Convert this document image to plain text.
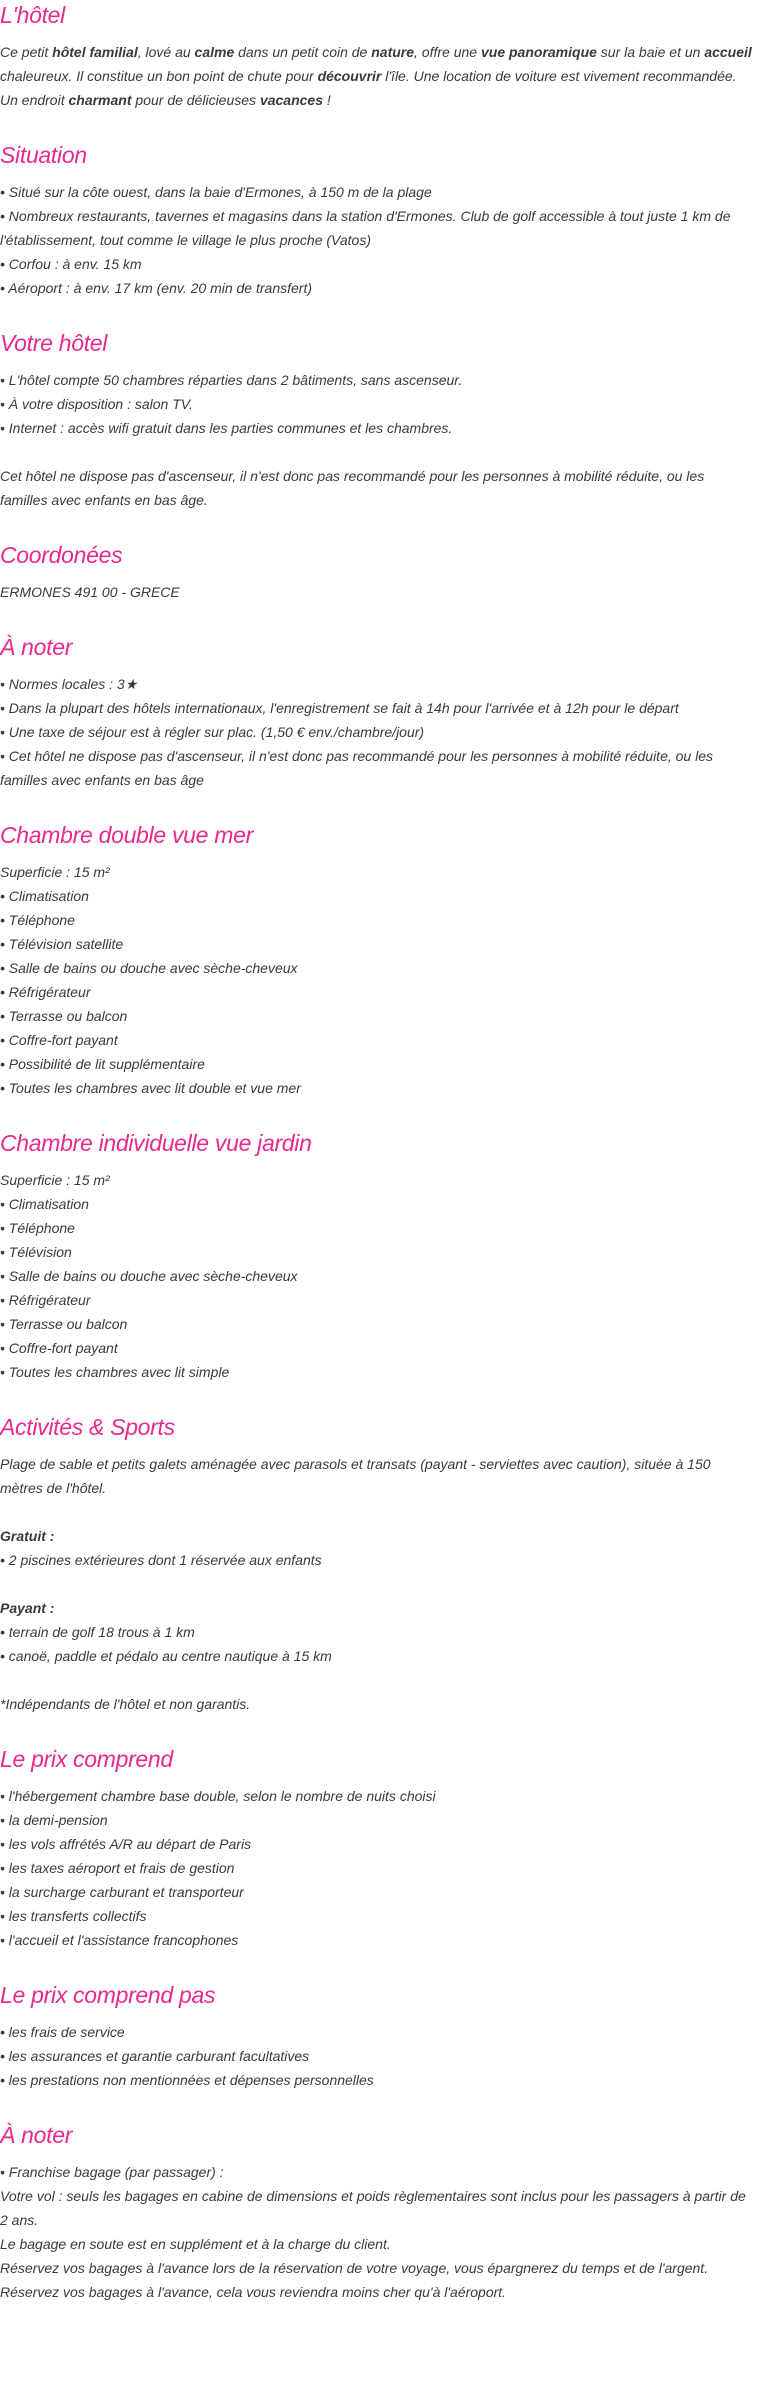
L'hôtel

Ce petit hôtel familial, lové au calme dans un petit coin de nature, offre une vue panoramique sur la baie et un accueil chaleureux. Il constitue un bon point de chute pour découvrir l'île. Une location de voiture est vivement recommandée. Un endroit charmant pour de délicieuses vacances !

Situation
• Situé sur la côte ouest, dans la baie d'Ermones, à 150 m de la plage
• Nombreux restaurants, tavernes et magasins dans la station d'Ermones. Club de golf accessible à tout juste 1 km de l'établissement, tout comme le village le plus proche (Vatos)
• Corfou : à env. 15 km
• Aéroport : à env. 17 km (env. 20 min de transfert)
Votre hôtel
• L'hôtel compte 50 chambres réparties dans 2 bâtiments, sans ascenseur.
• À votre disposition : salon TV.
• Internet : accès wifi gratuit dans les parties communes et les chambres.
Cet hôtel ne dispose pas d'ascenseur, il n'est donc pas recommandé pour les personnes à mobilité réduite, ou les familles avec enfants en bas âge.
Coordonées
ERMONES 491 00 - GRECE
À noter
• Normes locales : 3★
• Dans la plupart des hôtels internationaux, l'enregistrement se fait à 14h pour l'arrivée et à 12h pour le départ
• Une taxe de séjour est à régler sur plac. (1,50 € env./chambre/jour)
• Cet hôtel ne dispose pas d'ascenseur, il n'est donc pas recommandé pour les personnes à mobilité réduite, ou les familles avec enfants en bas âge
Chambre double vue mer
Superficie : 15 m²
• Climatisation
• Téléphone
• Télévision satellite
• Salle de bains ou douche avec sèche-cheveux
• Réfrigérateur
• Terrasse ou balcon
• Coffre-fort payant
• Possibilité de lit supplémentaire
• Toutes les chambres avec lit double et vue mer
Chambre individuelle vue jardin
Superficie : 15 m²
• Climatisation
• Téléphone
• Télévision
• Salle de bains ou douche avec sèche-cheveux
• Réfrigérateur
• Terrasse ou balcon
• Coffre-fort payant
• Toutes les chambres avec lit simple
Activités & Sports
Plage de sable et petits galets aménagée avec parasols et transats (payant - serviettes avec caution), située à 150 mètres de l'hôtel.
Gratuit :
• 2 piscines extérieures dont 1 réservée aux enfants
Payant :
• terrain de golf 18 trous à 1 km
• canoë, paddle et pédalo au centre nautique à 15 km
*Indépendants de l'hôtel et non garantis.
Le prix comprend
• l'hébergement chambre base double, selon le nombre de nuits choisi
• la demi-pension
• les vols affrétés A/R au départ de Paris
• les taxes aéroport et frais de gestion
• la surcharge carburant et transporteur
• les transferts collectifs
• l'accueil et l'assistance francophones
Le prix comprend pas
• les frais de service
• les assurances et garantie carburant facultatives
• les prestations non mentionnées et dépenses personnelles
À noter
• Franchise bagage (par passager) :
Votre vol : seuls les bagages en cabine de dimensions et poids règlementaires sont inclus pour les passagers à partir de 2 ans.
Le bagage en soute est en supplément et à la charge du client.
Réservez vos bagages à l'avance lors de la réservation de votre voyage, vous épargnerez du temps et de l'argent.
Réservez vos bagages à l'avance, cela vous reviendra moins cher qu'à l'aéroport.
